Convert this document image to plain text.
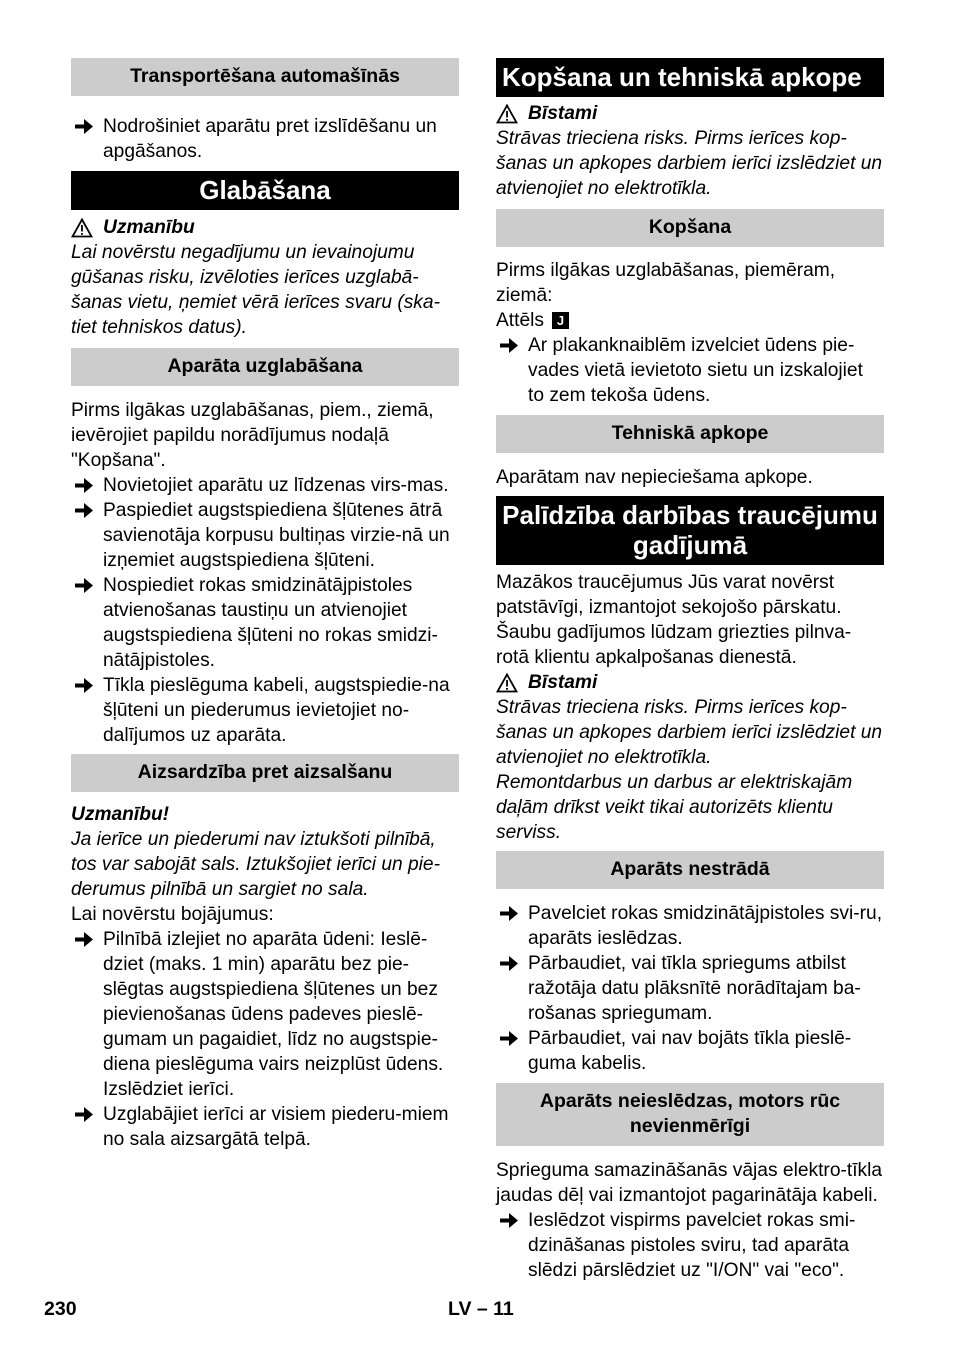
Transportēšana automašīnās
Nodrošiniet aparātu pret izslīdēšanu un apgāšanos.
Glabāšana
Uzmanību

Lai novērstu negadījumu un ievainojumu gūšanas risku, izvēloties ierīces uzglabā-šanas vietu, ņemiet vērā ierīces svaru (ska-tiet tehniskos datus).

Aparāta uzglabāšana

Pirms ilgākas uzglabāšanas, piem., ziemā, ievērojiet papildu norādījumus nodaļā "Kopšana".

Novietojiet aparātu uz līdzenas virs-mas.
Paspiediet augstspiediena šļūtenes ātrā savienotāja korpusu bultiņas virzie-nā un izņemiet augstspiediena šļūteni.
Nospiediet rokas smidzinātājpistoles atvienošanas taustiņu un atvienojiet augstspiediena šļūteni no rokas smidzi-nātājpistoles.
Tīkla pieslēguma kabeli, augstspiedie-na šļūteni un piederumus ievietojiet no-dalījumos uz aparāta.
Aizsardzība pret aizsalšanu
Uzmanību!

Ja ierīce un piederumi nav iztukšoti pilnībā, tos var sabojāt sals. Iztukšojiet ierīci un pie-derumus pilnībā un sargiet no sala.

Lai novērstu bojājumus:

Pilnībā izlejiet no aparāta ūdeni: Ieslē-dziet (maks. 1 min) aparātu bez pie-slēgtas augstspiediena šļūtenes un bez pievienošanas ūdens padeves pieslē-gumam un pagaidiet, līdz no augstspie-diena pieslēguma vairs neizplūst ūdens. Izslēdziet ierīci.
Uzglabājiet ierīci ar visiem piederu-miem no sala aizsargātā telpā.
Kopšana un tehniskā apkope
Bīstami

Strāvas trieciena risks. Pirms ierīces kop-šanas un apkopes darbiem ierīci izslēdziet un atvienojiet no elektrotīkla.

Kopšana

Pirms ilgākas uzglabāšanas, piemēram, ziemā:

Attēls J
Ar plakanknaiblēm izvelciet ūdens pie-vades vietā ievietoto sietu un izskalojiet to zem tekoša ūdens.
Tehniskā apkope

Aparātam nav nepieciešama apkope.

Palīdzība darbības traucējumu gadījumā

Mazākos traucējumus Jūs varat novērst patstāvīgi, izmantojot sekojošo pārskatu. Šaubu gadījumos lūdzam griezties pilnva-rotā klientu apkalpošanas dienestā.

Bīstami

Strāvas trieciena risks. Pirms ierīces kop-šanas un apkopes darbiem ierīci izslēdziet un atvienojiet no elektrotīkla.

Remontdarbus un darbus ar elektriskajām daļām drīkst veikt tikai autorizēts klientu serviss.

Aparāts nestrādā
Pavelciet rokas smidzinātājpistoles svi-ru, aparāts ieslēdzas.
Pārbaudiet, vai tīkla spriegums atbilst ražotāja datu plāksnītē norādītajam ba-rošanas spriegumam.
Pārbaudiet, vai nav bojāts tīkla pieslē-guma kabelis.
Aparāts neieslēdzas, motors rūc nevienmērīgi

Sprieguma samazināšanās vājas elektro-tīkla jaudas dēļ vai izmantojot pagarinātāja kabeli.

Ieslēdzot vispirms pavelciet rokas smi-dzināšanas pistoles sviru, tad aparāta slēdzi pārslēdziet uz "I/ON" vai "eco".
230	LV – 11
